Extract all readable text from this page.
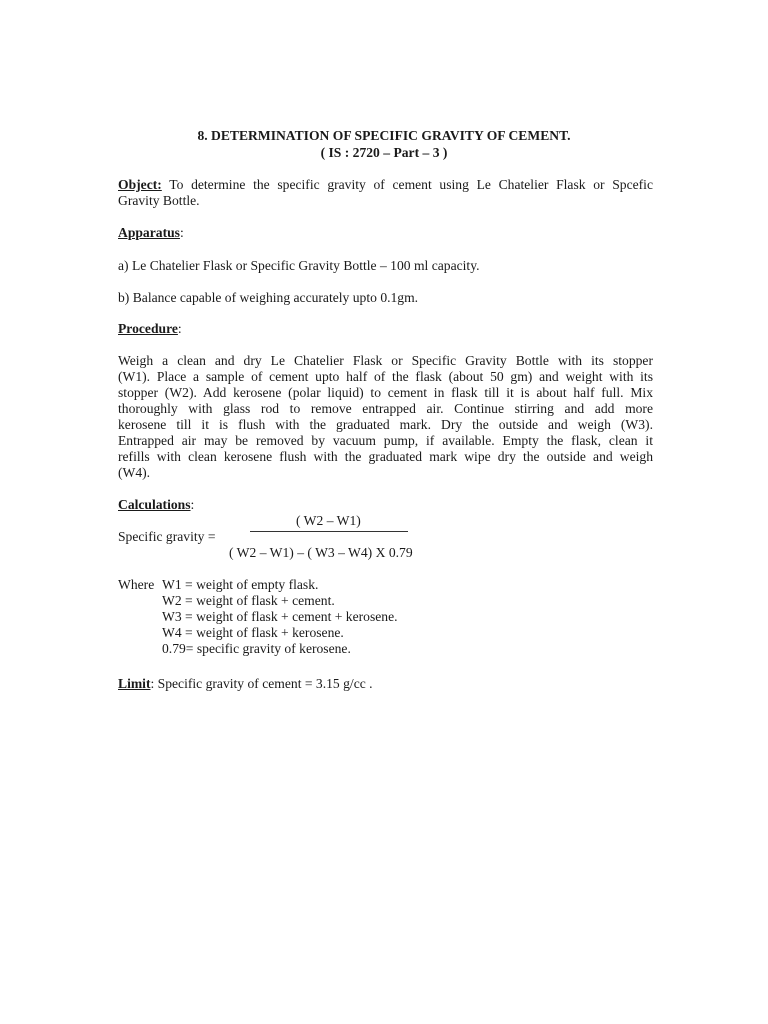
8. DETERMINATION OF SPECIFIC GRAVITY OF CEMENT.
( IS : 2720 – Part – 3 )
Object: To determine the specific gravity of cement using Le Chatelier Flask or Spcefic
Gravity Bottle.
Apparatus:
a) Le Chatelier Flask or Specific Gravity Bottle – 100 ml capacity.
b) Balance capable of weighing accurately upto 0.1gm.
Procedure:
Weigh a clean and dry Le Chatelier Flask or Specific Gravity Bottle with its stopper
(W1). Place a sample of cement upto half of the flask (about 50 gm) and weight with its
stopper (W2). Add kerosene (polar liquid) to cement in flask till it is about half full. Mix
thoroughly with glass rod to remove entrapped air. Continue stirring and add more
kerosene till it is flush with the graduated mark. Dry the outside and weigh (W3).
Entrapped air may be removed by vacuum pump, if available. Empty the flask, clean it
refills with clean kerosene flush with the graduated mark wipe dry the outside and weigh
(W4).
Calculations:
( W2 – W1)
Specific gravity =
( W2 – W1) – ( W3 – W4) X 0.79
Where W1 = weight of empty flask.
W2 = weight of flask + cement.
W3 = weight of flask + cement + kerosene.
W4 = weight of flask + kerosene.
0.79= specific gravity of kerosene.
Limit: Specific gravity of cement = 3.15 g/cc .
